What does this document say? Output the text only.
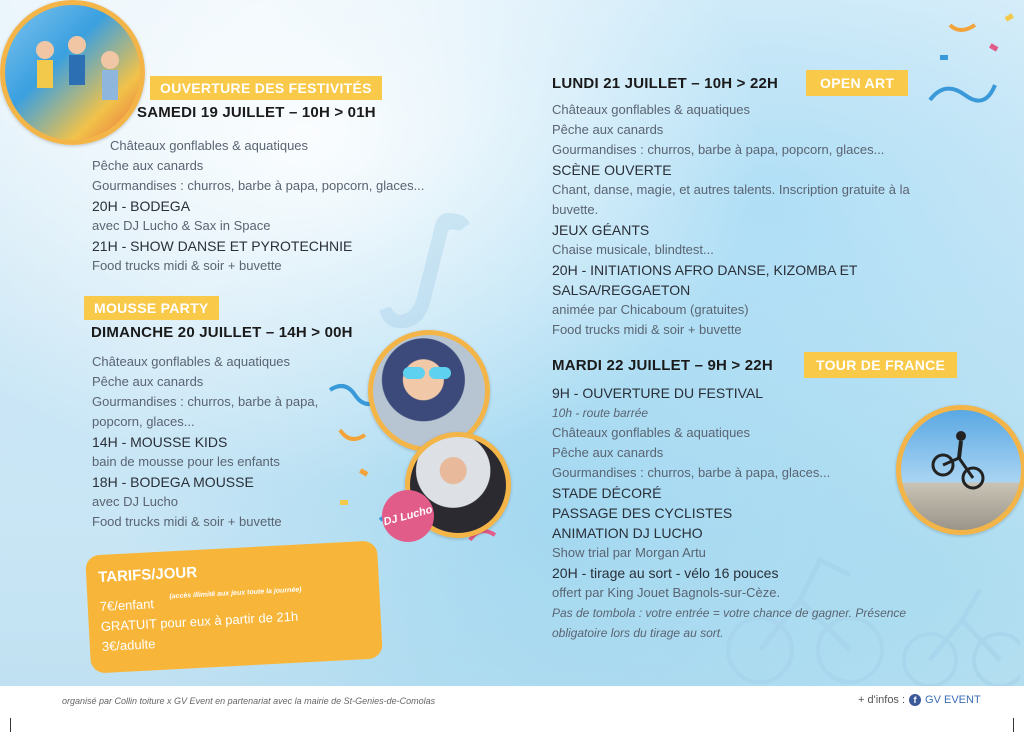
DJ Lucho
OUVERTURE DES FESTIVITÉS
SAMEDI 19 JUILLET – 10H > 01H
Châteaux gonflables & aquatiques
Pêche aux canards
Gourmandises : churros, barbe à papa, popcorn, glaces...
20H - BODEGA
avec DJ Lucho & Sax in Space
21H - SHOW DANSE ET PYROTECHNIE
Food trucks midi & soir + buvette
MOUSSE PARTY
DIMANCHE 20 JUILLET – 14H > 00H
Châteaux gonflables & aquatiques
Pêche aux canards
Gourmandises : churros, barbe à papa,
popcorn, glaces...
14H - MOUSSE KIDS
bain de mousse pour les enfants
18H - BODEGA MOUSSE
avec DJ Lucho
Food trucks midi & soir + buvette
LUNDI 21 JUILLET – 10H > 22H	OPEN ART
Châteaux gonflables & aquatiques
Pêche aux canards
Gourmandises : churros, barbe à papa, popcorn, glaces...
SCÈNE OUVERTE
Chant, danse, magie, et autres talents. Inscription gratuite à la
buvette.
JEUX GÉANTS
Chaise musicale, blindtest...
20H - INITIATIONS AFRO DANSE, KIZOMBA ET
SALSA/REGGAETON
animée par Chicaboum (gratuites)
Food trucks midi & soir + buvette
MARDI 22 JUILLET – 9H > 22H	TOUR DE FRANCE
9H - OUVERTURE DU FESTIVAL
10h - route barrée
Châteaux gonflables & aquatiques
Pêche aux canards
Gourmandises : churros, barbe à papa, glaces...
STADE DÉCORÉ
PASSAGE DES CYCLISTES
ANIMATION DJ LUCHO
Show trial par Morgan Artu
20H - tirage au sort - vélo 16 pouces
offert par King Jouet Bagnols-sur-Cèze.
Pas de tombola : votre entrée = votre chance de gagner. Présence
obligatoire lors du tirage au sort.
TARIFS/JOUR
7€/enfant
(accès illimité aux jeux toute la journée)
GRATUIT pour eux à partir de 21h
3€/adulte
organisé par Collin toiture x GV Event en partenariat avec la mairie de St-Genies-de-Comolas	+ d'infos : f GV EVENT
